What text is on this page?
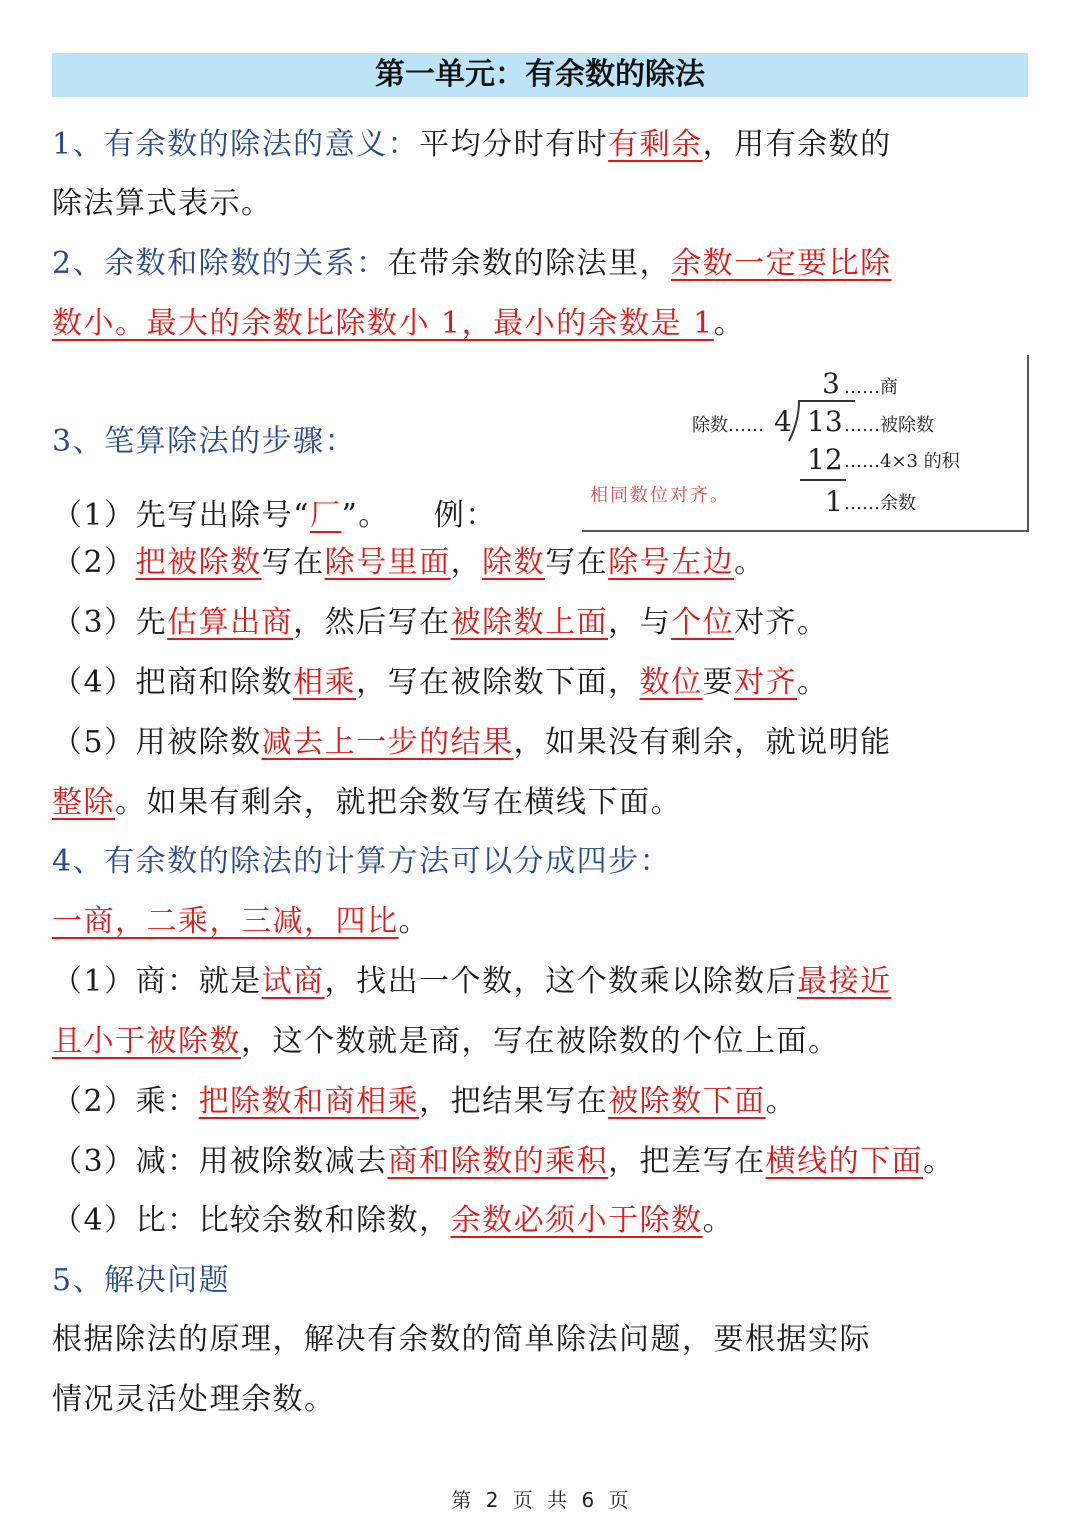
第一单元：有余数的除法
1、有余数的除法的意义：平均分时有时有剩余，用有余数的
除法算式表示。
2、余数和除数的关系：在带余数的除法里，余数一定要比除
数小。最大的余数比除数小 1，最小的余数是 1。
3、笔算除法的步骤：
3 ……商
除数…… 4 13 ……被除数
12 ……4×3 的积
相同数位对齐。	1 ……余数
（1）先写出除号“厂”。    例：
（2）把被除数写在除号里面，除数写在除号左边。
（3）先估算出商，然后写在被除数上面，与个位对齐。
（4）把商和除数相乘，写在被除数下面，数位要对齐。
（5）用被除数减去上一步的结果，如果没有剩余，就说明能
整除。如果有剩余，就把余数写在横线下面。
4、有余数的除法的计算方法可以分成四步：
一商，二乘，三减，四比。
（1）商：就是试商，找出一个数，这个数乘以除数后最接近
且小于被除数，这个数就是商，写在被除数的个位上面。
（2）乘：把除数和商相乘，把结果写在被除数下面。
（3）减：用被除数减去商和除数的乘积，把差写在横线的下面。
（4）比：比较余数和除数，余数必须小于除数。
5、解决问题
根据除法的原理，解决有余数的简单除法问题，要根据实际
情况灵活处理余数。
第 2 页 共 6 页
